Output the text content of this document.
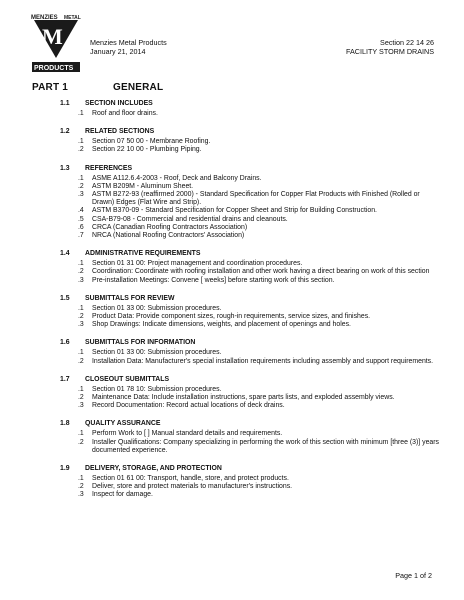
M
MENZIES METAL
PRODUCTS
Menzies Metal Products
January 21, 2014
Section 22 14 26
FACILITY STORM DRAINS
PART 1	GENERAL
1.1 SECTION INCLUDES
.1 Roof and floor drains.
1.2 RELATED SECTIONS
.1 Section 07 50 00 - Membrane Roofing.
.2 Section 22 10 00 - Plumbing Piping.
1.3 REFERENCES
.1 ASME A112.6.4-2003 - Roof, Deck and Balcony Drains.
.2 ASTM B209M - Aluminum Sheet.
.3 ASTM B272-93 (reaffirmed 2000) - Standard Specification for Copper Flat Products with Finished (Rolled or Drawn) Edges (Flat Wire and Strip).
.4 ASTM B370-09 - Standard Specification for Copper Sheet and Strip for Building Construction.
.5 CSA-B79-08 - Commercial and residential drains and cleanouts.
.6 CRCA (Canadian Roofing Contractors Association)
.7 NRCA (National Roofing Contractors' Association)
1.4 ADMINISTRATIVE REQUIREMENTS
.1 Section 01 31 00: Project management and coordination procedures.
.2 Coordination: Coordinate with roofing installation and other work having a direct bearing on work of this section
.3 Pre-installation Meetings: Convene [ weeks] before starting work of this section.
1.5 SUBMITTALS FOR REVIEW
.1 Section 01 33 00: Submission procedures.
.2 Product Data: Provide component sizes, rough-in requirements, service sizes, and finishes.
.3 Shop Drawings: Indicate dimensions, weights, and placement of openings and holes.
1.6 SUBMITTALS FOR INFORMATION
.1 Section 01 33 00: Submission procedures.
.2 Installation Data: Manufacturer's special installation requirements including assembly and support requirements.
1.7 CLOSEOUT SUBMITTALS
.1 Section 01 78 10: Submission procedures.
.2 Maintenance Data: Include installation instructions, spare parts lists, and exploded assembly views.
.3 Record Documentation: Record actual locations of deck drains.
1.8 QUALITY ASSURANCE
.1 Perform Work to [ ] Manual standard details and requirements.
.2 Installer Qualifications: Company specializing in performing the work of this section with minimum [three (3)] years documented experience.
1.9 DELIVERY, STORAGE, AND PROTECTION
.1 Section 01 61 00: Transport, handle, store, and protect products.
.2 Deliver, store and protect materials to manufacturer's instructions.
.3 Inspect for damage.
Page 1 of 2
